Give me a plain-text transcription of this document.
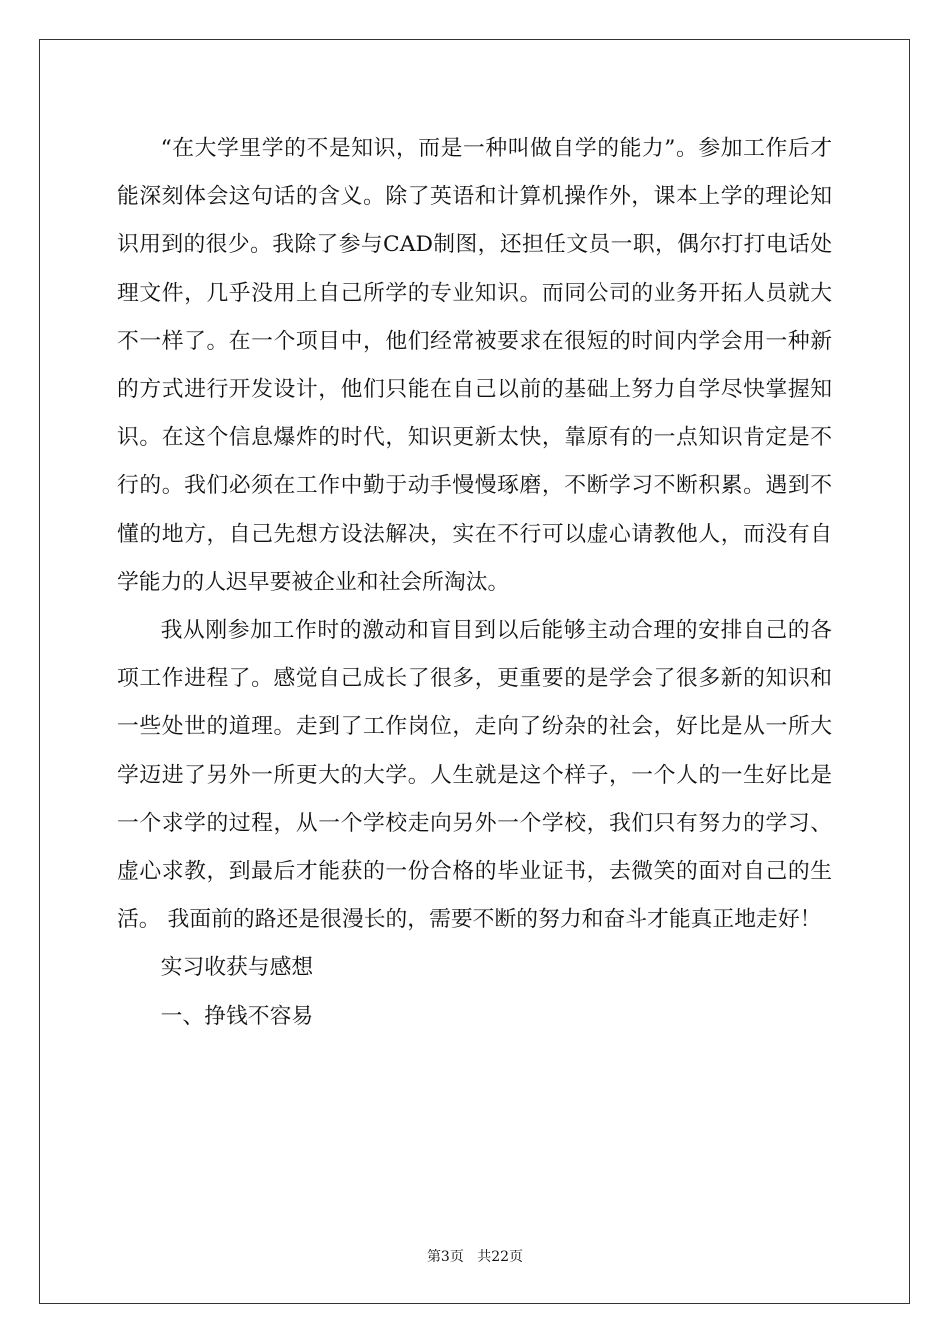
“在大学里学的不是知识，而是一种叫做自学的能力”。参加工作后才能深刻体会这句话的含义。除了英语和计算机操作外，课本上学的理论知识用到的很少。我除了参与CAD制图，还担任文员一职，偶尔打打电话处理文件，几乎没用上自己所学的专业知识。而同公司的业务开拓人员就大不一样了。在一个项目中，他们经常被要求在很短的时间内学会用一种新的方式进行开发设计，他们只能在自己以前的基础上努力自学尽快掌握知识。在这个信息爆炸的时代，知识更新太快，靠原有的一点知识肯定是不行的。我们必须在工作中勤于动手慢慢琢磨，不断学习不断积累。遇到不懂的地方，自己先想方设法解决，实在不行可以虚心请教他人，而没有自学能力的人迟早要被企业和社会所淘汰。

我从刚参加工作时的激动和盲目到以后能够主动合理的安排自己的各项工作进程了。感觉自己成长了很多，更重要的是学会了很多新的知识和一些处世的道理。走到了工作岗位，走向了纷杂的社会，好比是从一所大学迈进了另外一所更大的大学。人生就是这个样子，一个人的一生好比是一个求学的过程，从一个学校走向另外一个学校，我们只有努力的学习、虚心求教，到最后才能获的一份合格的毕业证书，去微笑的面对自己的生活。 我面前的路还是很漫长的，需要不断的努力和奋斗才能真正地走好！

实习收获与感想

一、挣钱不容易

第3页 共22页
